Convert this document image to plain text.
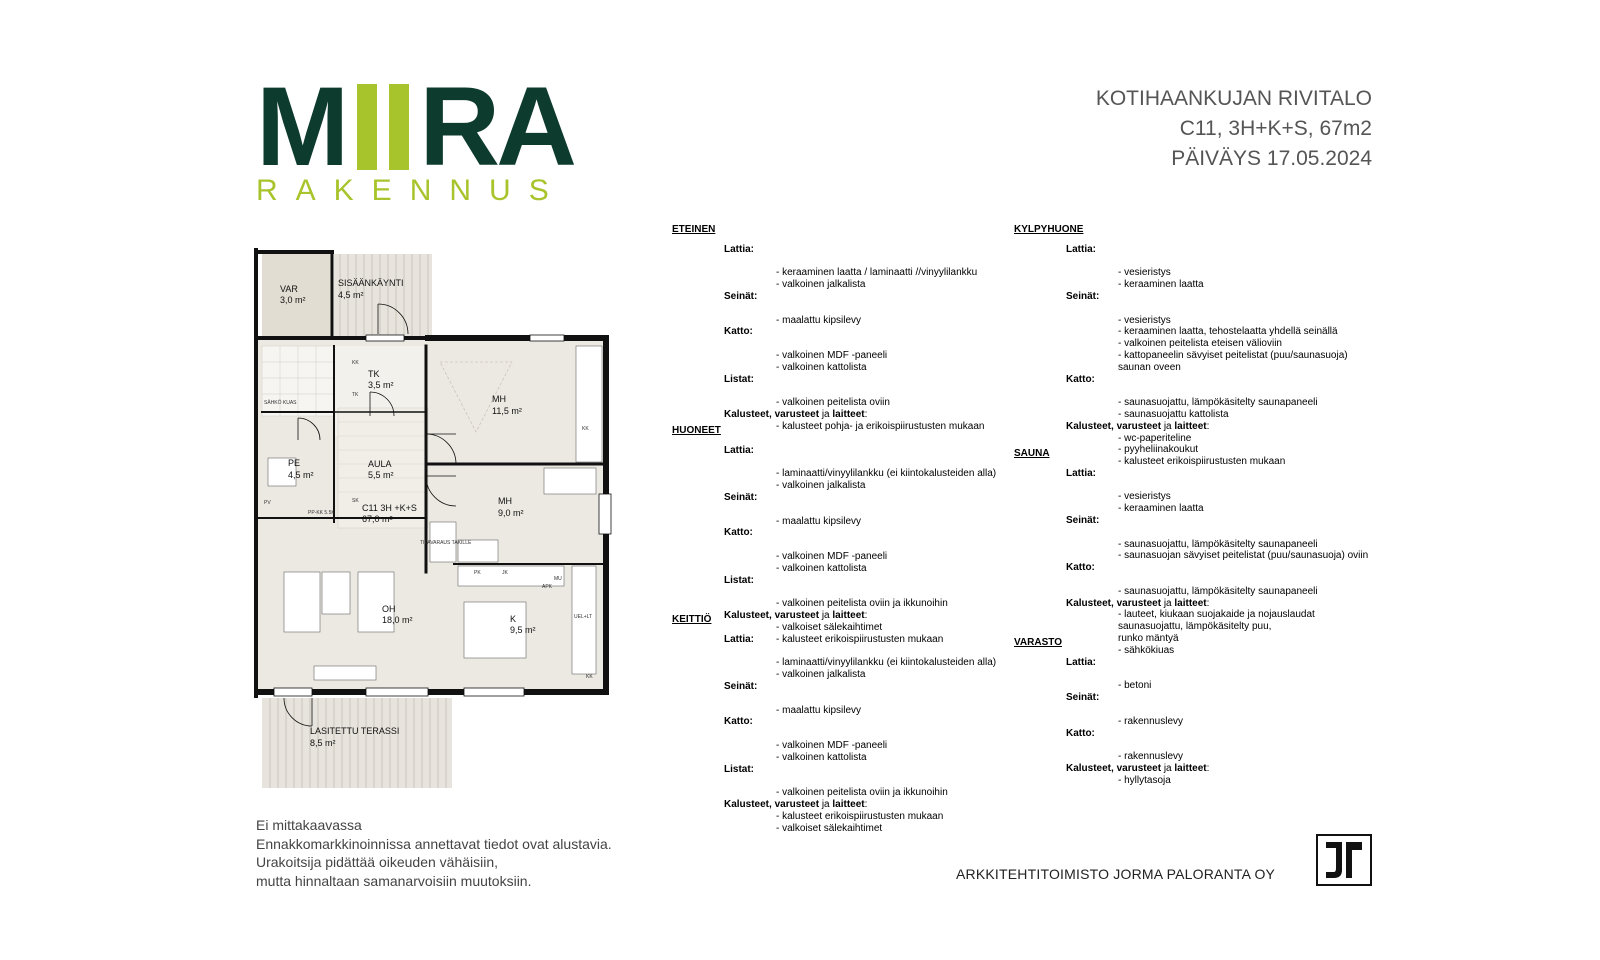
M RA
RAKENNUS
KOTIHAANKUJAN RIVITALO
C11, 3H+K+S, 67m2
PÄIVÄYS 17.05.2024
VAR
3,0 m²
SISÄÄNKÄYNTI
4,5 m²
TK
3,5 m²
MH
11,5 m²
PE
4,5 m²
AULA
5,5 m²
MH
9,0 m²
C11 3H +K+S
67,0 m²
OH
18,0 m²	K
9,5 m²
LASITETTU TERASSI
8,5 m²
KK
TK
SK
PV
SÄHKÖ KUAS
PP-KK 5.5K
TILAVARAUS TAKILLE
PK	JK
MU
APK
UEL+LT
KK
KK
Ei mittakaavassa
Ennakkomarkkinoinnissa annettavat tiedot ovat alustavia.
Urakoitsija pidättää oikeuden vähäisiin,
mutta hinnaltaan samanarvoisiin muutoksiin.
ETEINEN
Lattia:
- keraaminen laatta / laminaatti //vinyylilankku
- valkoinen jalkalista
Seinät:
- maalattu kipsilevy
Katto:
- valkoinen MDF -paneeli
- valkoinen kattolista
Listat:
- valkoinen peitelista oviin
Kalusteet, varusteet ja laitteet:
- kalusteet pohja- ja erikoispiirustusten mukaan
HUONEET
Lattia:
- laminaatti/vinyylilankku (ei kiintokalusteiden alla)
- valkoinen jalkalista
Seinät:
- maalattu kipsilevy
Katto:
- valkoinen MDF -paneeli
- valkoinen kattolista
Listat:
- valkoinen peitelista oviin ja ikkunoihin
Kalusteet, varusteet ja laitteet:
- valkoiset sälekaihtimet
- kalusteet erikoispiirustusten mukaan
KEITTIÖ
Lattia:
- laminaatti/vinyylilankku (ei kiintokalusteiden alla)
- valkoinen jalkalista
Seinät:
- maalattu kipsilevy
Katto:
- valkoinen MDF -paneeli
- valkoinen kattolista
Listat:
- valkoinen peitelista oviin ja ikkunoihin
Kalusteet, varusteet ja laitteet:
- kalusteet erikoispiirustusten mukaan
- valkoiset sälekaihtimet
KYLPYHUONE
Lattia:
- vesieristys
- keraaminen laatta
Seinät:
- vesieristys
- keraaminen laatta, tehostelaatta yhdellä seinällä
- valkoinen peitelista eteisen välioviin
- kattopaneelin sävyiset peitelistat (puu/saunasuoja)
saunan oveen
Katto:
- saunasuojattu, lämpökäsitelty saunapaneeli
- saunasuojattu kattolista
Kalusteet, varusteet ja laitteet:
- wc-paperiteline
- pyyheliinakoukut
- kalusteet erikoispiirustusten mukaan
SAUNA
Lattia:
- vesieristys
- keraaminen laatta
Seinät:
- saunasuojattu, lämpökäsitelty saunapaneeli
- saunasuojan sävyiset peitelistat (puu/saunasuoja) oviin
Katto:
- saunasuojattu, lämpökäsitelty saunapaneeli
Kalusteet, varusteet ja laitteet:
- lauteet, kiukaan suojakaide ja nojauslaudat
saunasuojattu, lämpökäsitelty puu,
runko mäntyä
- sähkökiuas
VARASTO
Lattia:
- betoni
Seinät:
- rakennuslevy
Katto:
- rakennuslevy
Kalusteet, varusteet ja laitteet:
- hyllytasoja
ARKKITEHTITOIMISTO JORMA PALORANTA OY
